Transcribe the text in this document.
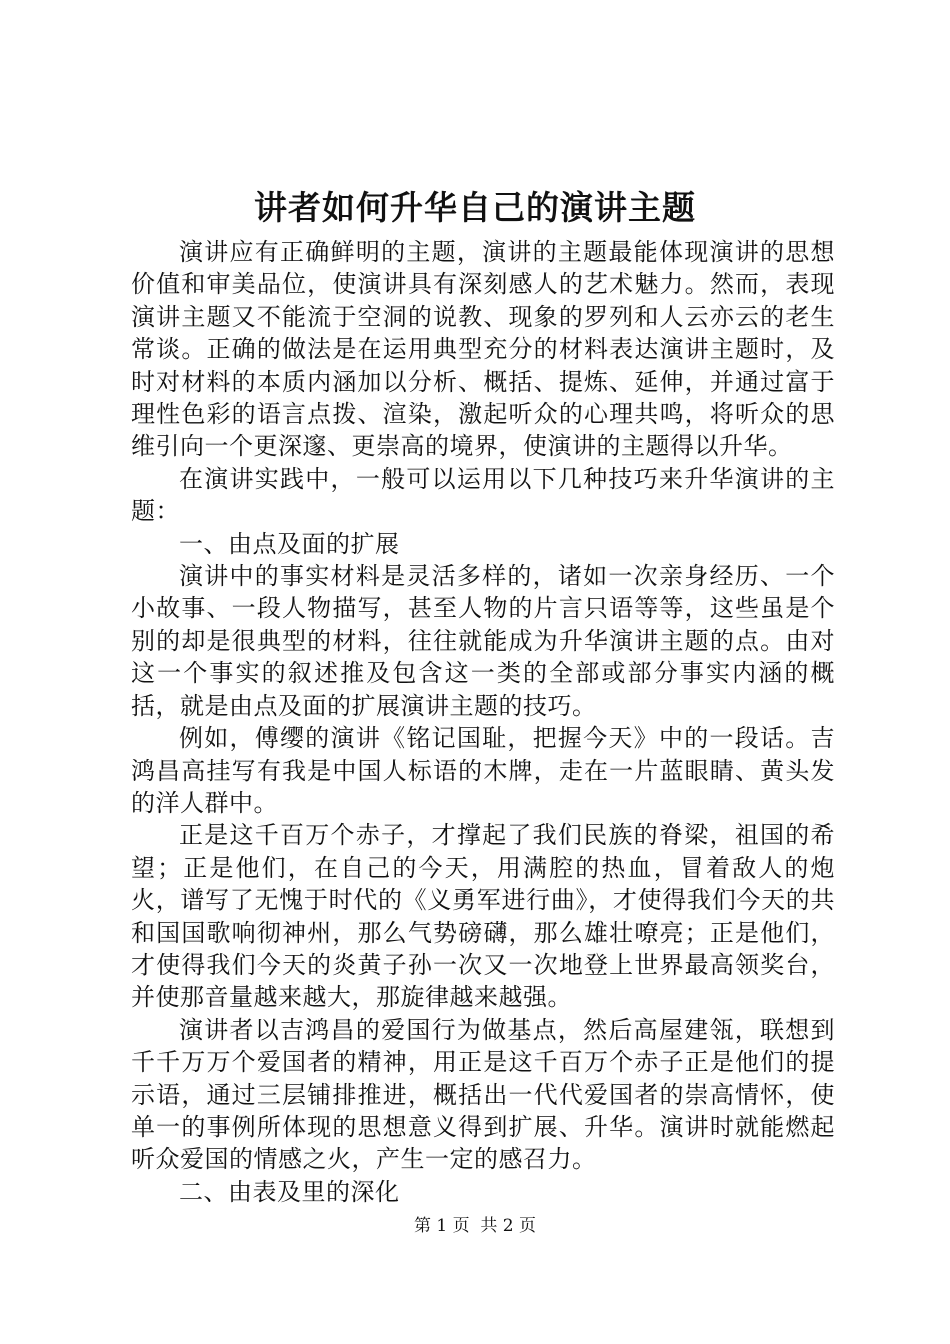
讲者如何升华自己的演讲主题

演讲应有正确鲜明的主题，演讲的主题最能体现演讲的思想价值和审美品位，使演讲具有深刻感人的艺术魅力。然而，表现演讲主题又不能流于空洞的说教、现象的罗列和人云亦云的老生常谈。正确的做法是在运用典型充分的材料表达演讲主题时，及时对材料的本质内涵加以分析、概括、提炼、延伸，并通过富于理性色彩的语言点拨、渲染，激起听众的心理共鸣，将听众的思维引向一个更深邃、更崇高的境界，使演讲的主题得以升华。

在演讲实践中，一般可以运用以下几种技巧来升华演讲的主题：

一、由点及面的扩展

演讲中的事实材料是灵活多样的，诸如一次亲身经历、一个小故事、一段人物描写，甚至人物的片言只语等等，这些虽是个别的却是很典型的材料，往往就能成为升华演讲主题的点。由对这一个事实的叙述推及包含这一类的全部或部分事实内涵的概括，就是由点及面的扩展演讲主题的技巧。

例如，傅缨的演讲《铭记国耻，把握今天》中的一段话。吉鸿昌高挂写有我是中国人标语的木牌，走在一片蓝眼睛、黄头发的洋人群中。

正是这千百万个赤子，才撑起了我们民族的脊梁，祖国的希望；正是他们，在自己的今天，用满腔的热血，冒着敌人的炮火，谱写了无愧于时代的《义勇军进行曲》，才使得我们今天的共和国国歌响彻神州，那么气势磅礴，那么雄壮嘹亮；正是他们，才使得我们今天的炎黄子孙一次又一次地登上世界最高领奖台，并使那音量越来越大，那旋律越来越强。

演讲者以吉鸿昌的爱国行为做基点，然后高屋建瓴，联想到千千万万个爱国者的精神，用正是这千百万个赤子正是他们的提示语，通过三层铺排推进，概括出一代代爱国者的崇高情怀，使单一的事例所体现的思想意义得到扩展、升华。演讲时就能燃起听众爱国的情感之火，产生一定的感召力。

二、由表及里的深化

第 1 页 共 2 页
